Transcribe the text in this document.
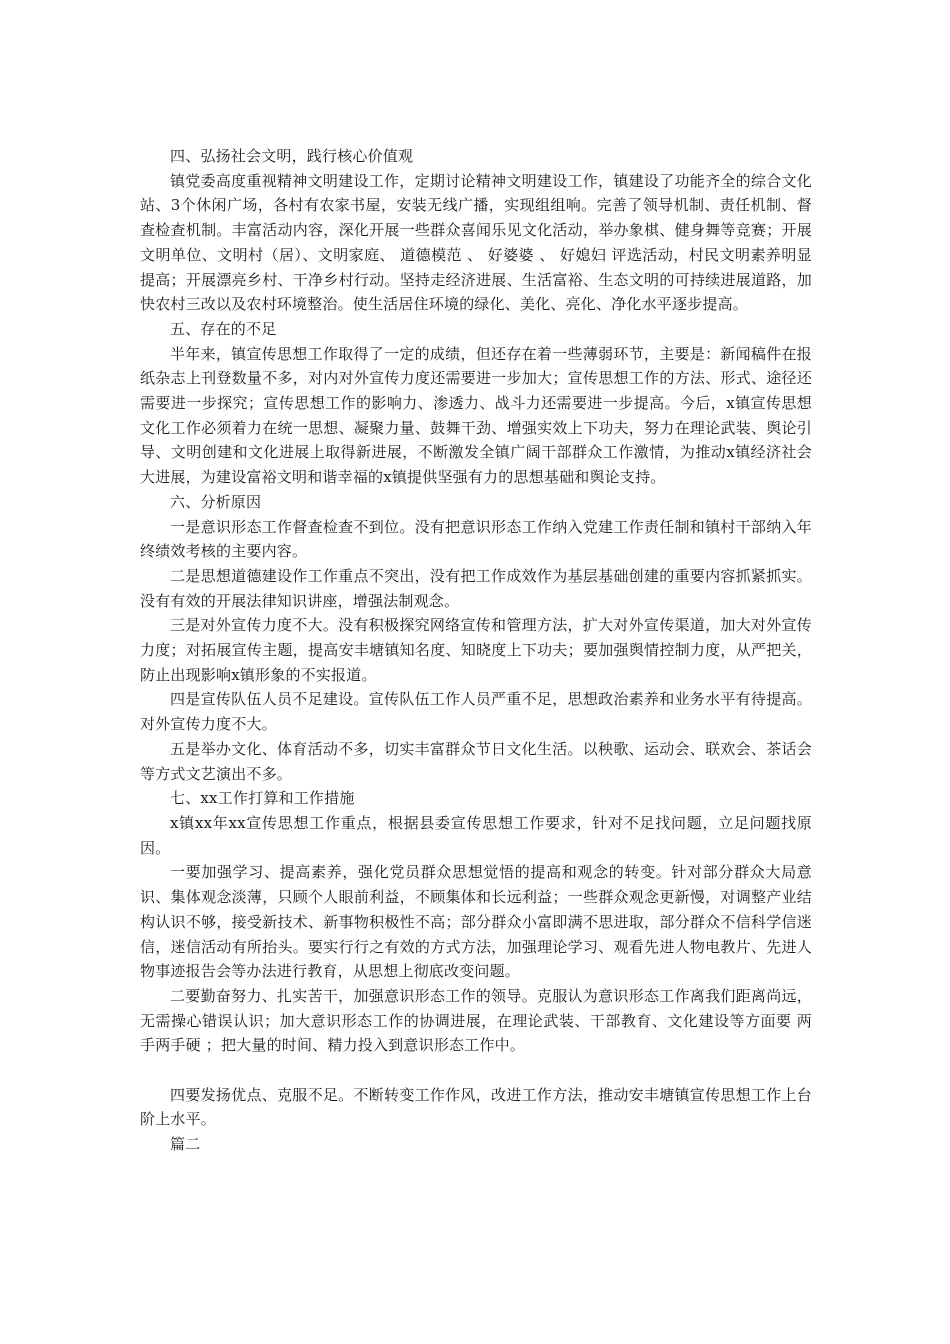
四、弘扬社会文明，践行核心价值观

镇党委高度重视精神文明建设工作，定期讨论精神文明建设工作，镇建设了功能齐全的综合文化站、3个休闲广场，各村有农家书屋，安装无线广播，实现组组响。完善了领导机制、责任机制、督查检查机制。丰富活动内容，深化开展一些群众喜闻乐见文化活动，举办象棋、健身舞等竞赛；开展文明单位、文明村（居）、文明家庭、 道德模范 、 好婆婆 、 好媳妇 评选活动，村民文明素养明显提高；开展漂亮乡村、干净乡村行动。坚持走经济进展、生活富裕、生态文明的可持续进展道路，加快农村三改以及农村环境整治。使生活居住环境的绿化、美化、亮化、净化水平逐步提高。

五、存在的不足

半年来，镇宣传思想工作取得了一定的成绩，但还存在着一些薄弱环节，主要是：新闻稿件在报纸杂志上刊登数量不多，对内对外宣传力度还需要进一步加大；宣传思想工作的方法、形式、途径还需要进一步探究；宣传思想工作的影响力、渗透力、战斗力还需要进一步提高。今后，x镇宣传思想文化工作必须着力在统一思想、凝聚力量、鼓舞干劲、增强实效上下功夫，努力在理论武装、舆论引导、文明创建和文化进展上取得新进展，不断激发全镇广阔干部群众工作激情，为推动x镇经济社会大进展，为建设富裕文明和谐幸福的x镇提供坚强有力的思想基础和舆论支持。

六、分析原因

一是意识形态工作督查检查不到位。没有把意识形态工作纳入党建工作责任制和镇村干部纳入年终绩效考核的主要内容。

二是思想道德建设作工作重点不突出，没有把工作成效作为基层基础创建的重要内容抓紧抓实。没有有效的开展法律知识讲座，增强法制观念。

三是对外宣传力度不大。没有积极探究网络宣传和管理方法，扩大对外宣传渠道，加大对外宣传力度；对拓展宣传主题，提高安丰塘镇知名度、知晓度上下功夫；要加强舆情控制力度，从严把关，防止出现影响x镇形象的不实报道。

四是宣传队伍人员不足建设。宣传队伍工作人员严重不足，思想政治素养和业务水平有待提高。对外宣传力度不大。

五是举办文化、体育活动不多，切实丰富群众节日文化生活。以秧歌、运动会、联欢会、茶话会等方式文艺演出不多。

七、xx工作打算和工作措施

x镇xx年xx宣传思想工作重点，根据县委宣传思想工作要求，针对不足找问题，立足问题找原因。

一要加强学习、提高素养，强化党员群众思想觉悟的提高和观念的转变。针对部分群众大局意识、集体观念淡薄，只顾个人眼前利益，不顾集体和长远利益；一些群众观念更新慢，对调整产业结构认识不够，接受新技术、新事物积极性不高；部分群众小富即满不思进取，部分群众不信科学信迷信，迷信活动有所抬头。要实行行之有效的方式方法，加强理论学习、观看先进人物电教片、先进人物事迹报告会等办法进行教育，从思想上彻底改变问题。

二要勤奋努力、扎实苦干，加强意识形态工作的领导。克服认为意识形态工作离我们距离尚远，无需操心错误认识；加大意识形态工作的协调进展，在理论武装、干部教育、文化建设等方面要 两手两手硬 ；把大量的时间、精力投入到意识形态工作中。

四要发扬优点、克服不足。不断转变工作作风，改进工作方法，推动安丰塘镇宣传思想工作上台阶上水平。

篇二
